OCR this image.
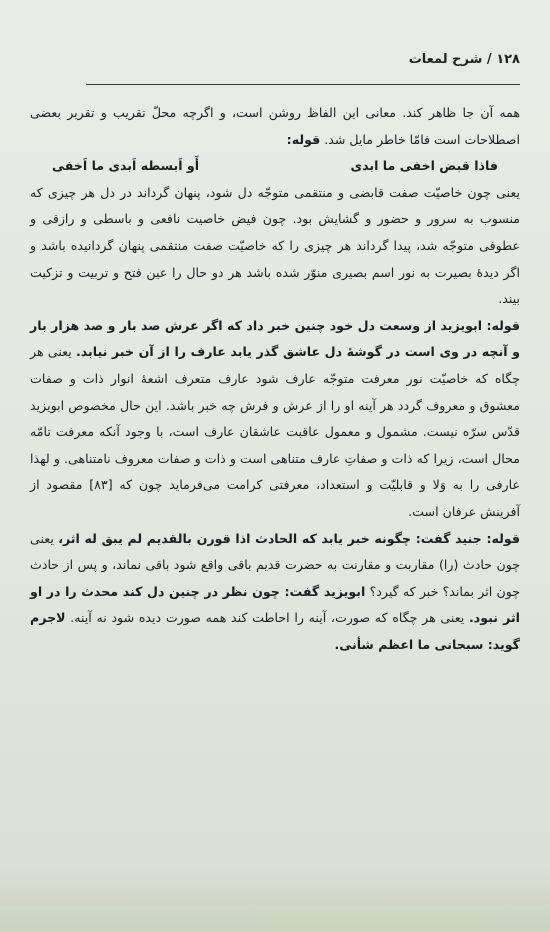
۱۲۸ / شرح لمعات

همه آن جا ظاهر کند. معانی این الفاظ روشن است، و اگرچه محلّ تقریب و تقریر بعضی اصطلاحات است فامّا خاطر مایل شد. قوله:

فاذا قبض اخفی ما ابدی
أَو اَبسطه اَبدی ما اَخفی

یعنی چون خاصیّت صفت قابضی و منتقمی متوجّه دل شود، پنهان گرداند در دل هر چیزی که منسوب به سرور و حضور و گشایش بود. چون فیض خاصیت نافعی و باسطی و رازقی و عطوفی متوجّه شد، پیدا گرداند هر چیزی را که خاصیّت صفت منتقمی پنهان گردانیده باشد و اگر دیدهٔ بصیرت به نور اسم بصیری منوّر شده باشد هر دو حال را عین فتح و تربیت و تزکیت بیند.

قوله: ابویزید از وسعت دل خود چنین خبر داد که اگر عرش صد بار و صد هزار بار و آنچه در وی است در گوشهٔ دل عاشق گذر یابد عارف را از آن خبر نیابد. یعنی هر چگاه که خاصیّت نور معرفت متوجّه عارف شود عارف متعرف اشعهٔ انوار ذات و صفات معشوق و معروف گردد هر آینه او را از عرش و فرش چه خبر باشد. این حال مخصوص ابویزید قدّس سرّه نیست. مشمول و معمول عاقبت عاشقان عارف است، با وجود آنکه معرفت تامّه محال است، زیرا که ذات و صفاتِ عارف متناهی است و ذات و صفات معروف نامتناهی. و لهذا عارفی را به وَلا و قابلیّت و استعداد، معرفتی کرامت می‌فرماید چون که [۸۳] مقصود از آفرینش عرفان است.

قوله: جنید گفت: چگونه خبر یابد که الحادث اذا قورن بالقدیم لم یبق له اثر، یعنی چون حادث (را) مقاربت و مقارنت به حضرت قدیم باقی واقع شود باقی نماند، و پس از حادث چون اثر بماند؟ خبر که گیرد؟ ابویزید گفت: چون نظر در چنین دل کند محدث را در او اثر نبود. یعنی هر چگاه که صورت، آینه را احاطت کند همه صورت دیده شود نه آینه. لاجرم گوید: سبحانی ما اعظم شأنی.
